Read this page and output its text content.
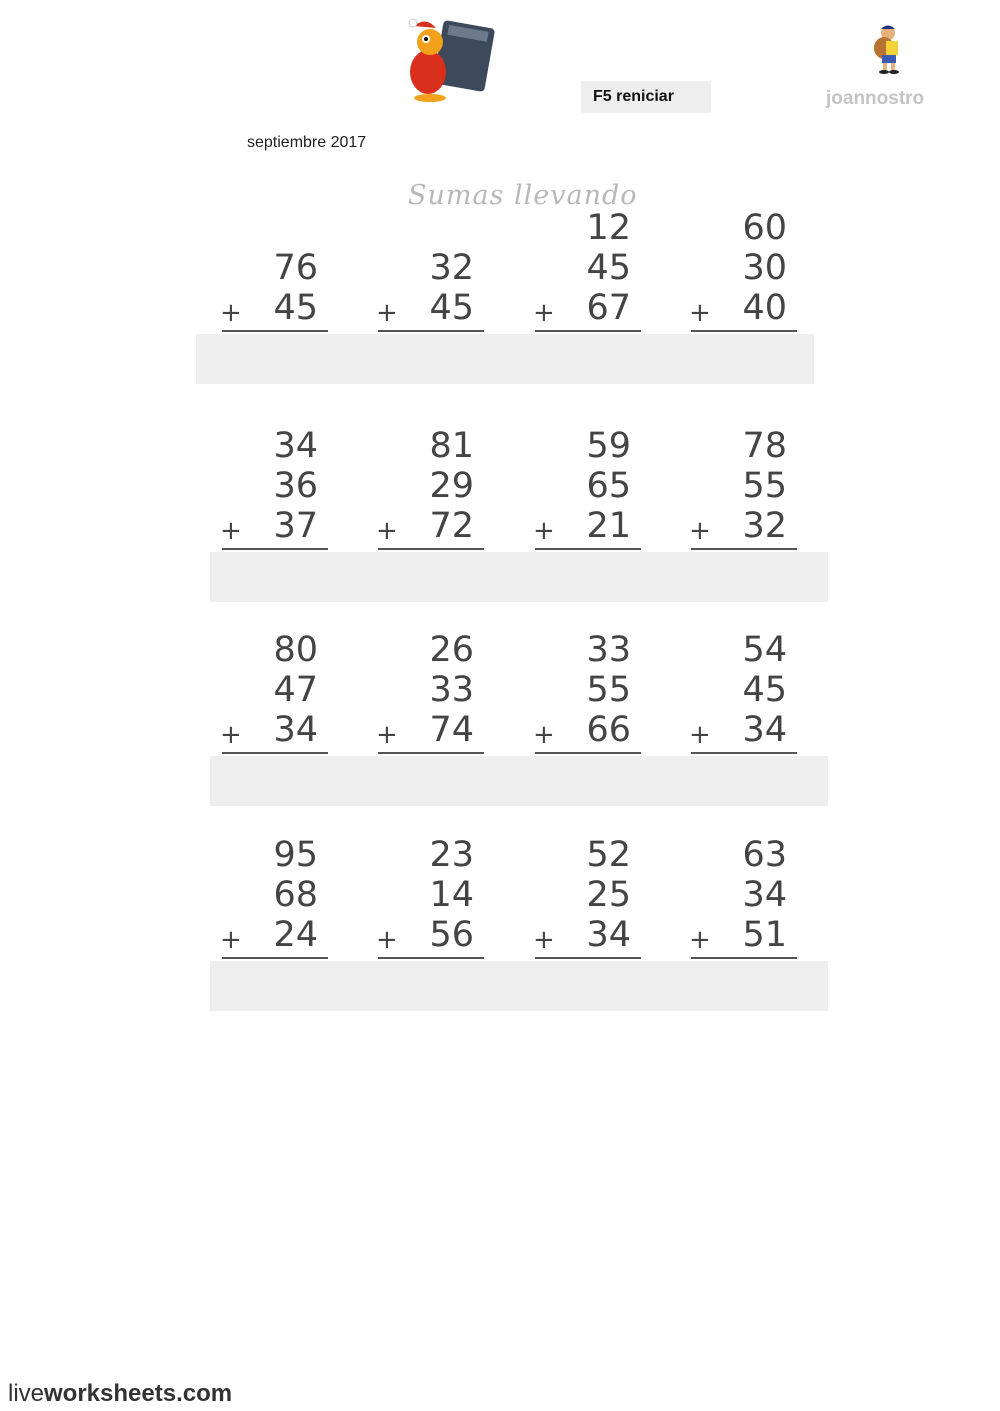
F5 reniciar	joannostro
septiembre 2017
Sumas llevando
76
45
+
32
45
+
12
45
67
+
60
30
40
+
34
36
37
+
81
29
72
+
59
65
21
+
78
55
32
+
80
47
34
+
26
33
74
+
33
55
66
+
54
45
34
+
95
68
24
+
23
14
56
+
52
25
34
+
63
34
51
+
liveworksheets.com
